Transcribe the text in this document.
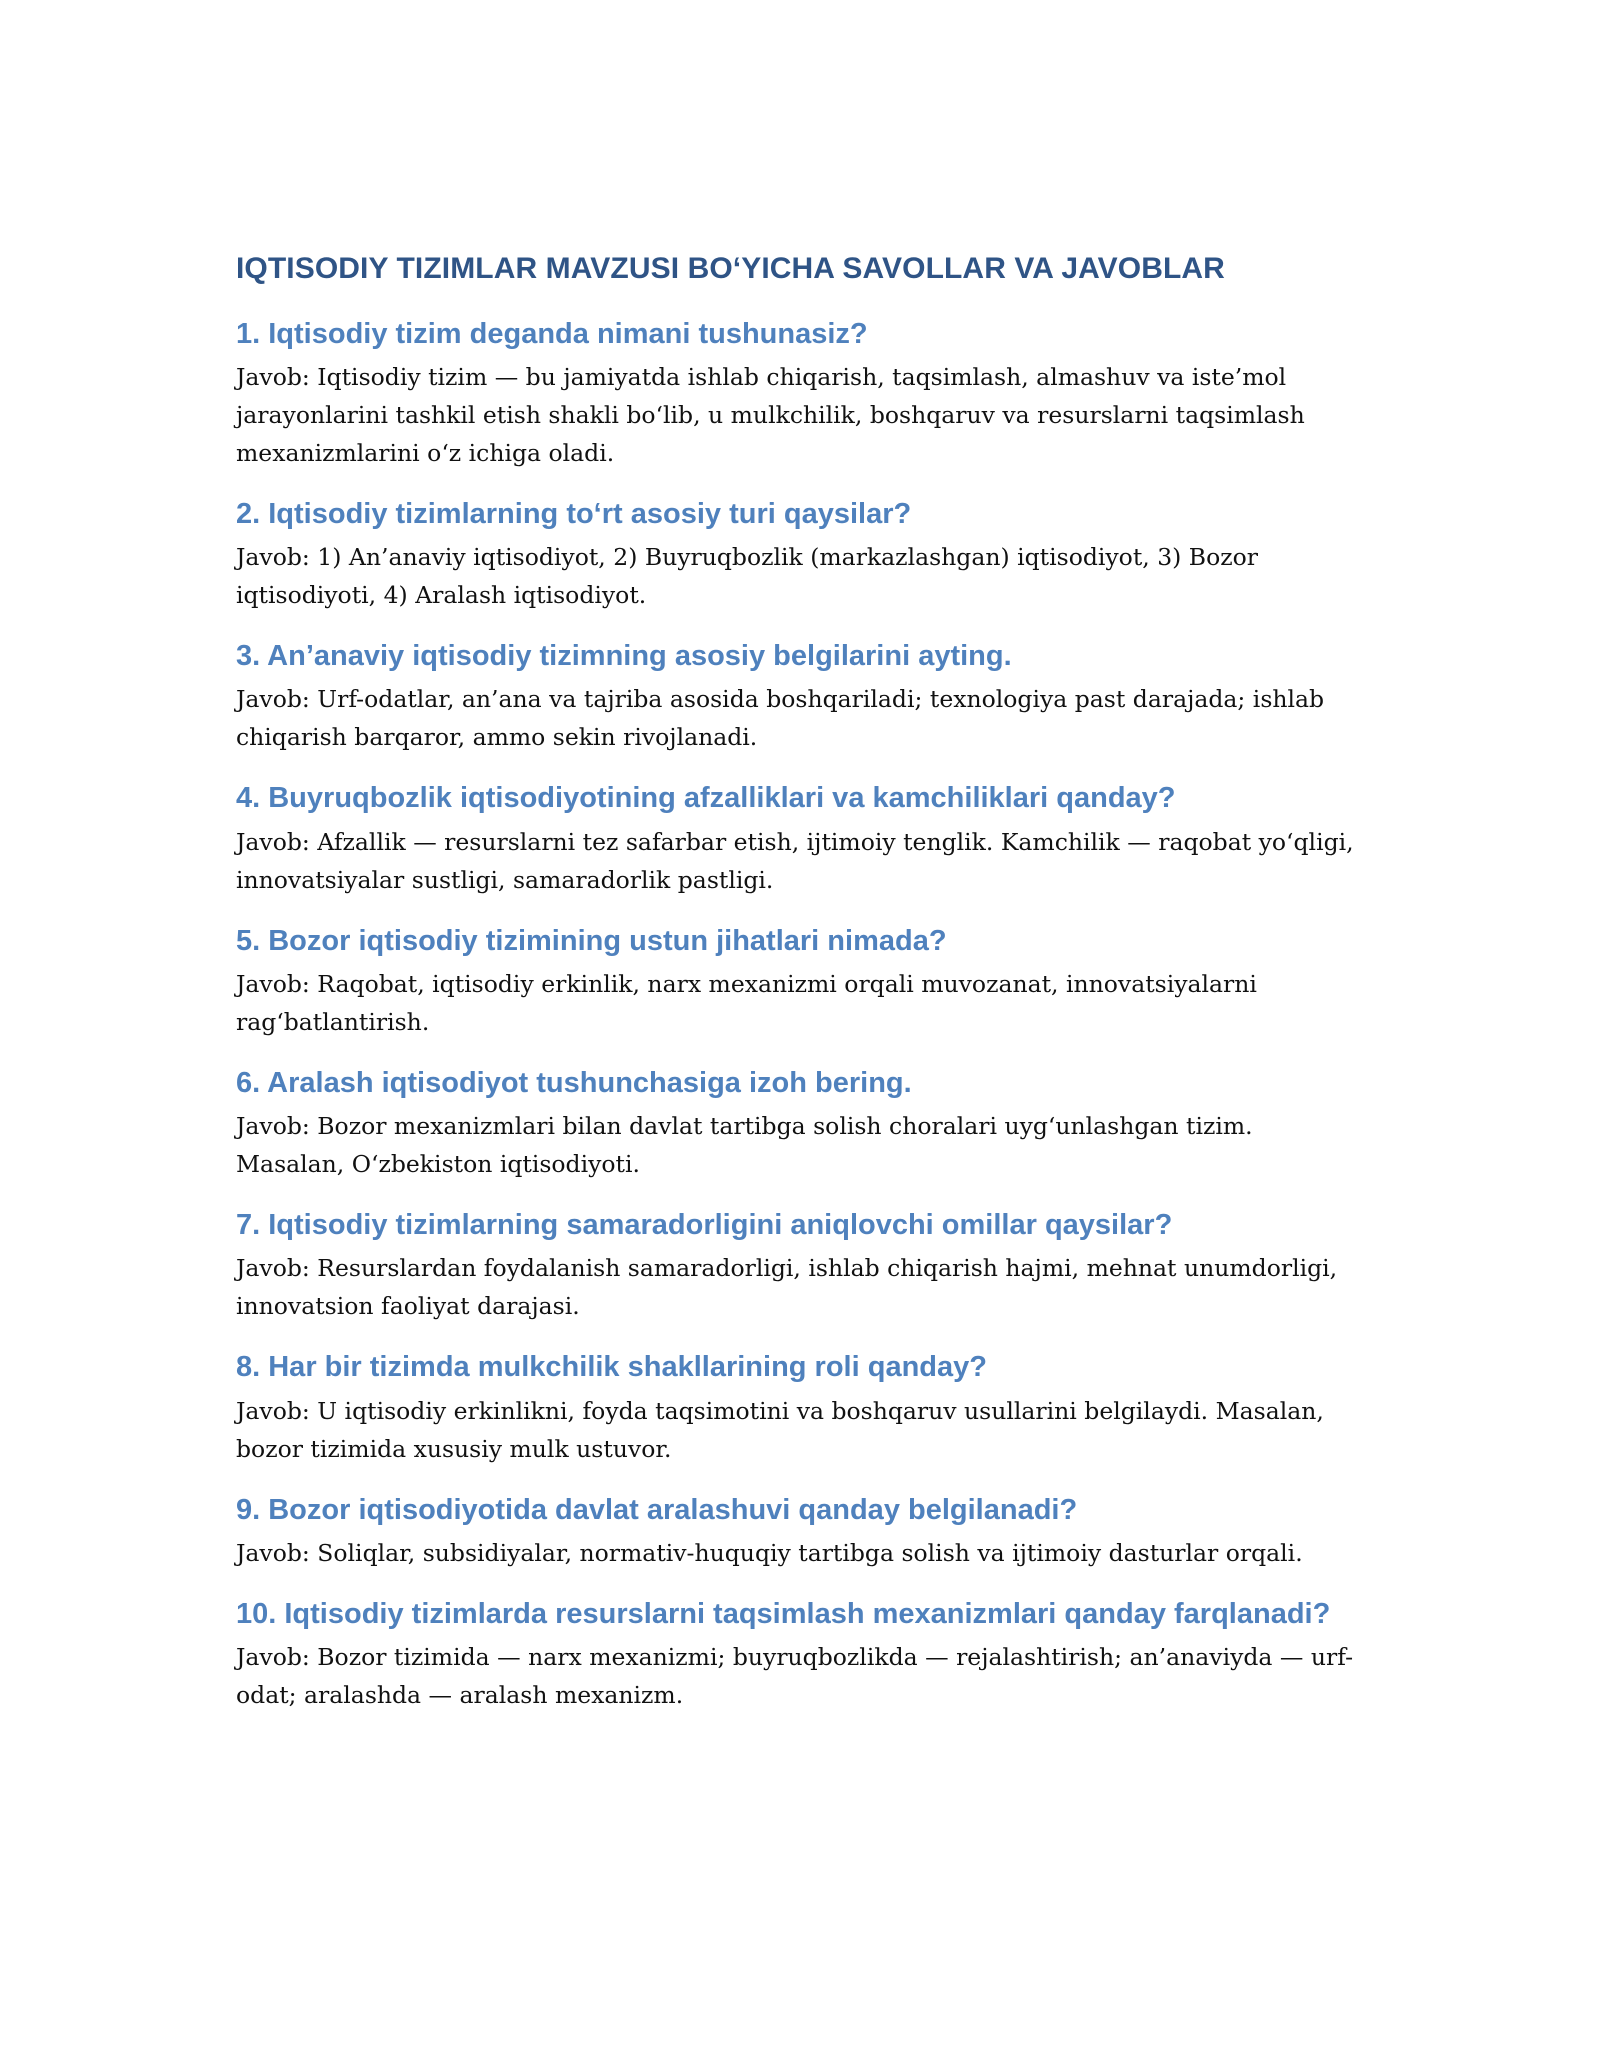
IQTISODIY TIZIMLAR MAVZUSI BO‘YICHA SAVOLLAR VA JAVOBLAR
1. Iqtisodiy tizim deganda nimani tushunasiz?

Javob: Iqtisodiy tizim — bu jamiyatda ishlab chiqarish, taqsimlash, almashuv va iste’mol jarayonlarini tashkil etish shakli bo‘lib, u mulkchilik, boshqaruv va resurslarni taqsimlash mexanizmlarini o‘z ichiga oladi.

2. Iqtisodiy tizimlarning to‘rt asosiy turi qaysilar?

Javob: 1) An’anaviy iqtisodiyot, 2) Buyruqbozlik (markazlashgan) iqtisodiyot, 3) Bozor iqtisodiyoti, 4) Aralash iqtisodiyot.

3. An’anaviy iqtisodiy tizimning asosiy belgilarini ayting.

Javob: Urf-odatlar, an’ana va tajriba asosida boshqariladi; texnologiya past darajada; ishlab chiqarish barqaror, ammo sekin rivojlanadi.

4. Buyruqbozlik iqtisodiyotining afzalliklari va kamchiliklari qanday?

Javob: Afzallik — resurslarni tez safarbar etish, ijtimoiy tenglik. Kamchilik — raqobat yo‘qligi, innovatsiyalar sustligi, samaradorlik pastligi.

5. Bozor iqtisodiy tizimining ustun jihatlari nimada?

Javob: Raqobat, iqtisodiy erkinlik, narx mexanizmi orqali muvozanat, innovatsiyalarni rag‘batlantirish.

6. Aralash iqtisodiyot tushunchasiga izoh bering.

Javob: Bozor mexanizmlari bilan davlat tartibga solish choralari uyg‘unlashgan tizim. Masalan, O‘zbekiston iqtisodiyoti.

7. Iqtisodiy tizimlarning samaradorligini aniqlovchi omillar qaysilar?

Javob: Resurslardan foydalanish samaradorligi, ishlab chiqarish hajmi, mehnat unumdorligi, innovatsion faoliyat darajasi.

8. Har bir tizimda mulkchilik shakllarining roli qanday?

Javob: U iqtisodiy erkinlikni, foyda taqsimotini va boshqaruv usullarini belgilaydi. Masalan, bozor tizimida xususiy mulk ustuvor.

9. Bozor iqtisodiyotida davlat aralashuvi qanday belgilanadi?

Javob: Soliqlar, subsidiyalar, normativ-huquqiy tartibga solish va ijtimoiy dasturlar orqali.

10. Iqtisodiy tizimlarda resurslarni taqsimlash mexanizmlari qanday farqlanadi?

Javob: Bozor tizimida — narx mexanizmi; buyruqbozlikda — rejalashtirish; an’anaviyda — urf-odat; aralashda — aralash mexanizm.
